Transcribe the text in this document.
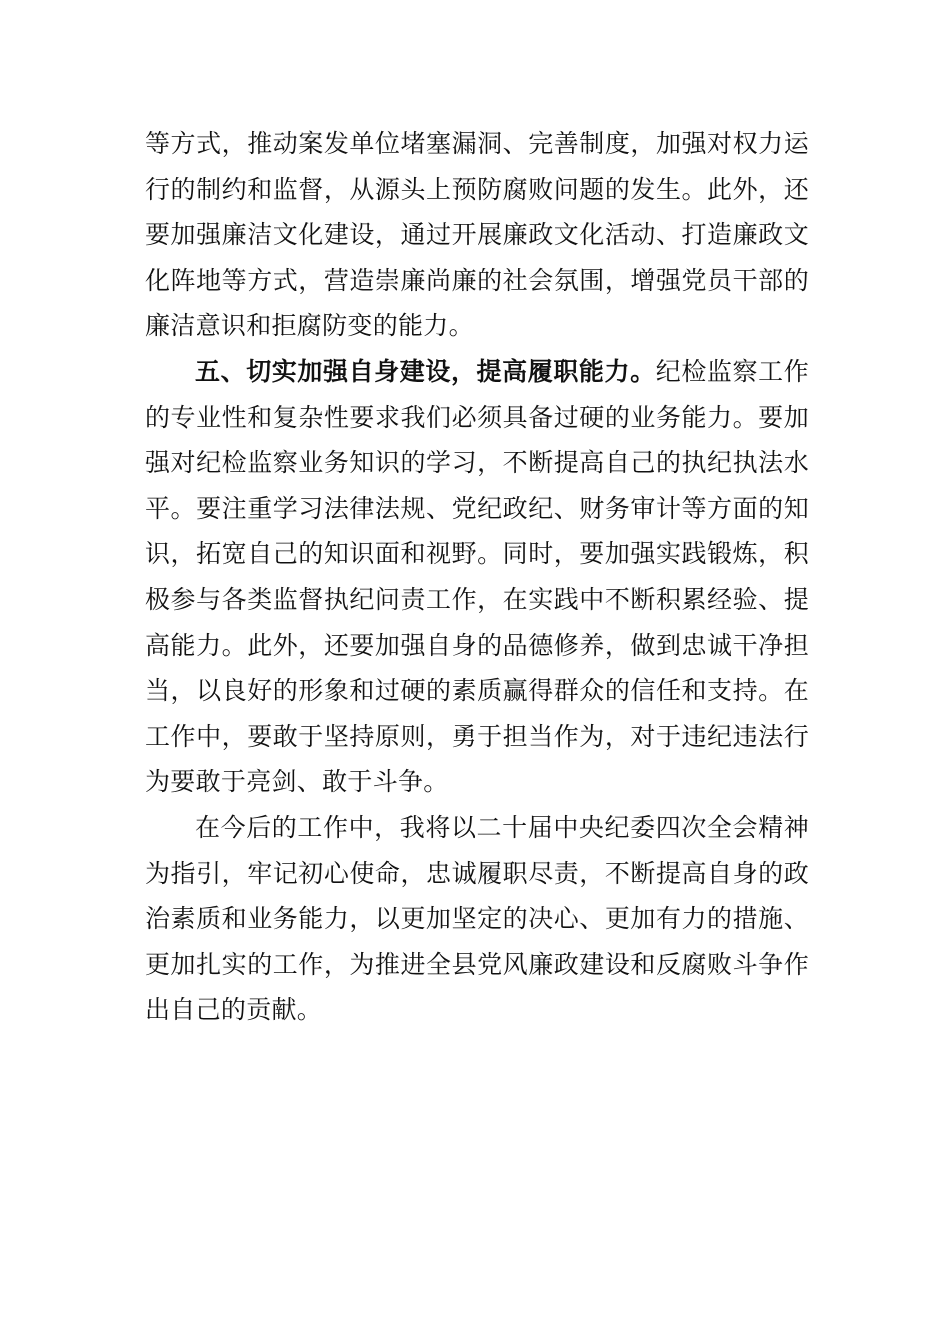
等方式，推动案发单位堵塞漏洞、完善制度，加强对权力运行的制约和监督，从源头上预防腐败问题的发生。此外，还要加强廉洁文化建设，通过开展廉政文化活动、打造廉政文化阵地等方式，营造崇廉尚廉的社会氛围，增强党员干部的廉洁意识和拒腐防变的能力。

五、切实加强自身建设，提高履职能力。纪检监察工作的专业性和复杂性要求我们必须具备过硬的业务能力。要加强对纪检监察业务知识的学习，不断提高自己的执纪执法水平。要注重学习法律法规、党纪政纪、财务审计等方面的知识，拓宽自己的知识面和视野。同时，要加强实践锻炼，积极参与各类监督执纪问责工作，在实践中不断积累经验、提高能力。此外，还要加强自身的品德修养，做到忠诚干净担当，以良好的形象和过硬的素质赢得群众的信任和支持。在工作中，要敢于坚持原则，勇于担当作为，对于违纪违法行为要敢于亮剑、敢于斗争。

在今后的工作中，我将以二十届中央纪委四次全会精神为指引，牢记初心使命，忠诚履职尽责，不断提高自身的政治素质和业务能力，以更加坚定的决心、更加有力的措施、更加扎实的工作，为推进全县党风廉政建设和反腐败斗争作出自己的贡献。
